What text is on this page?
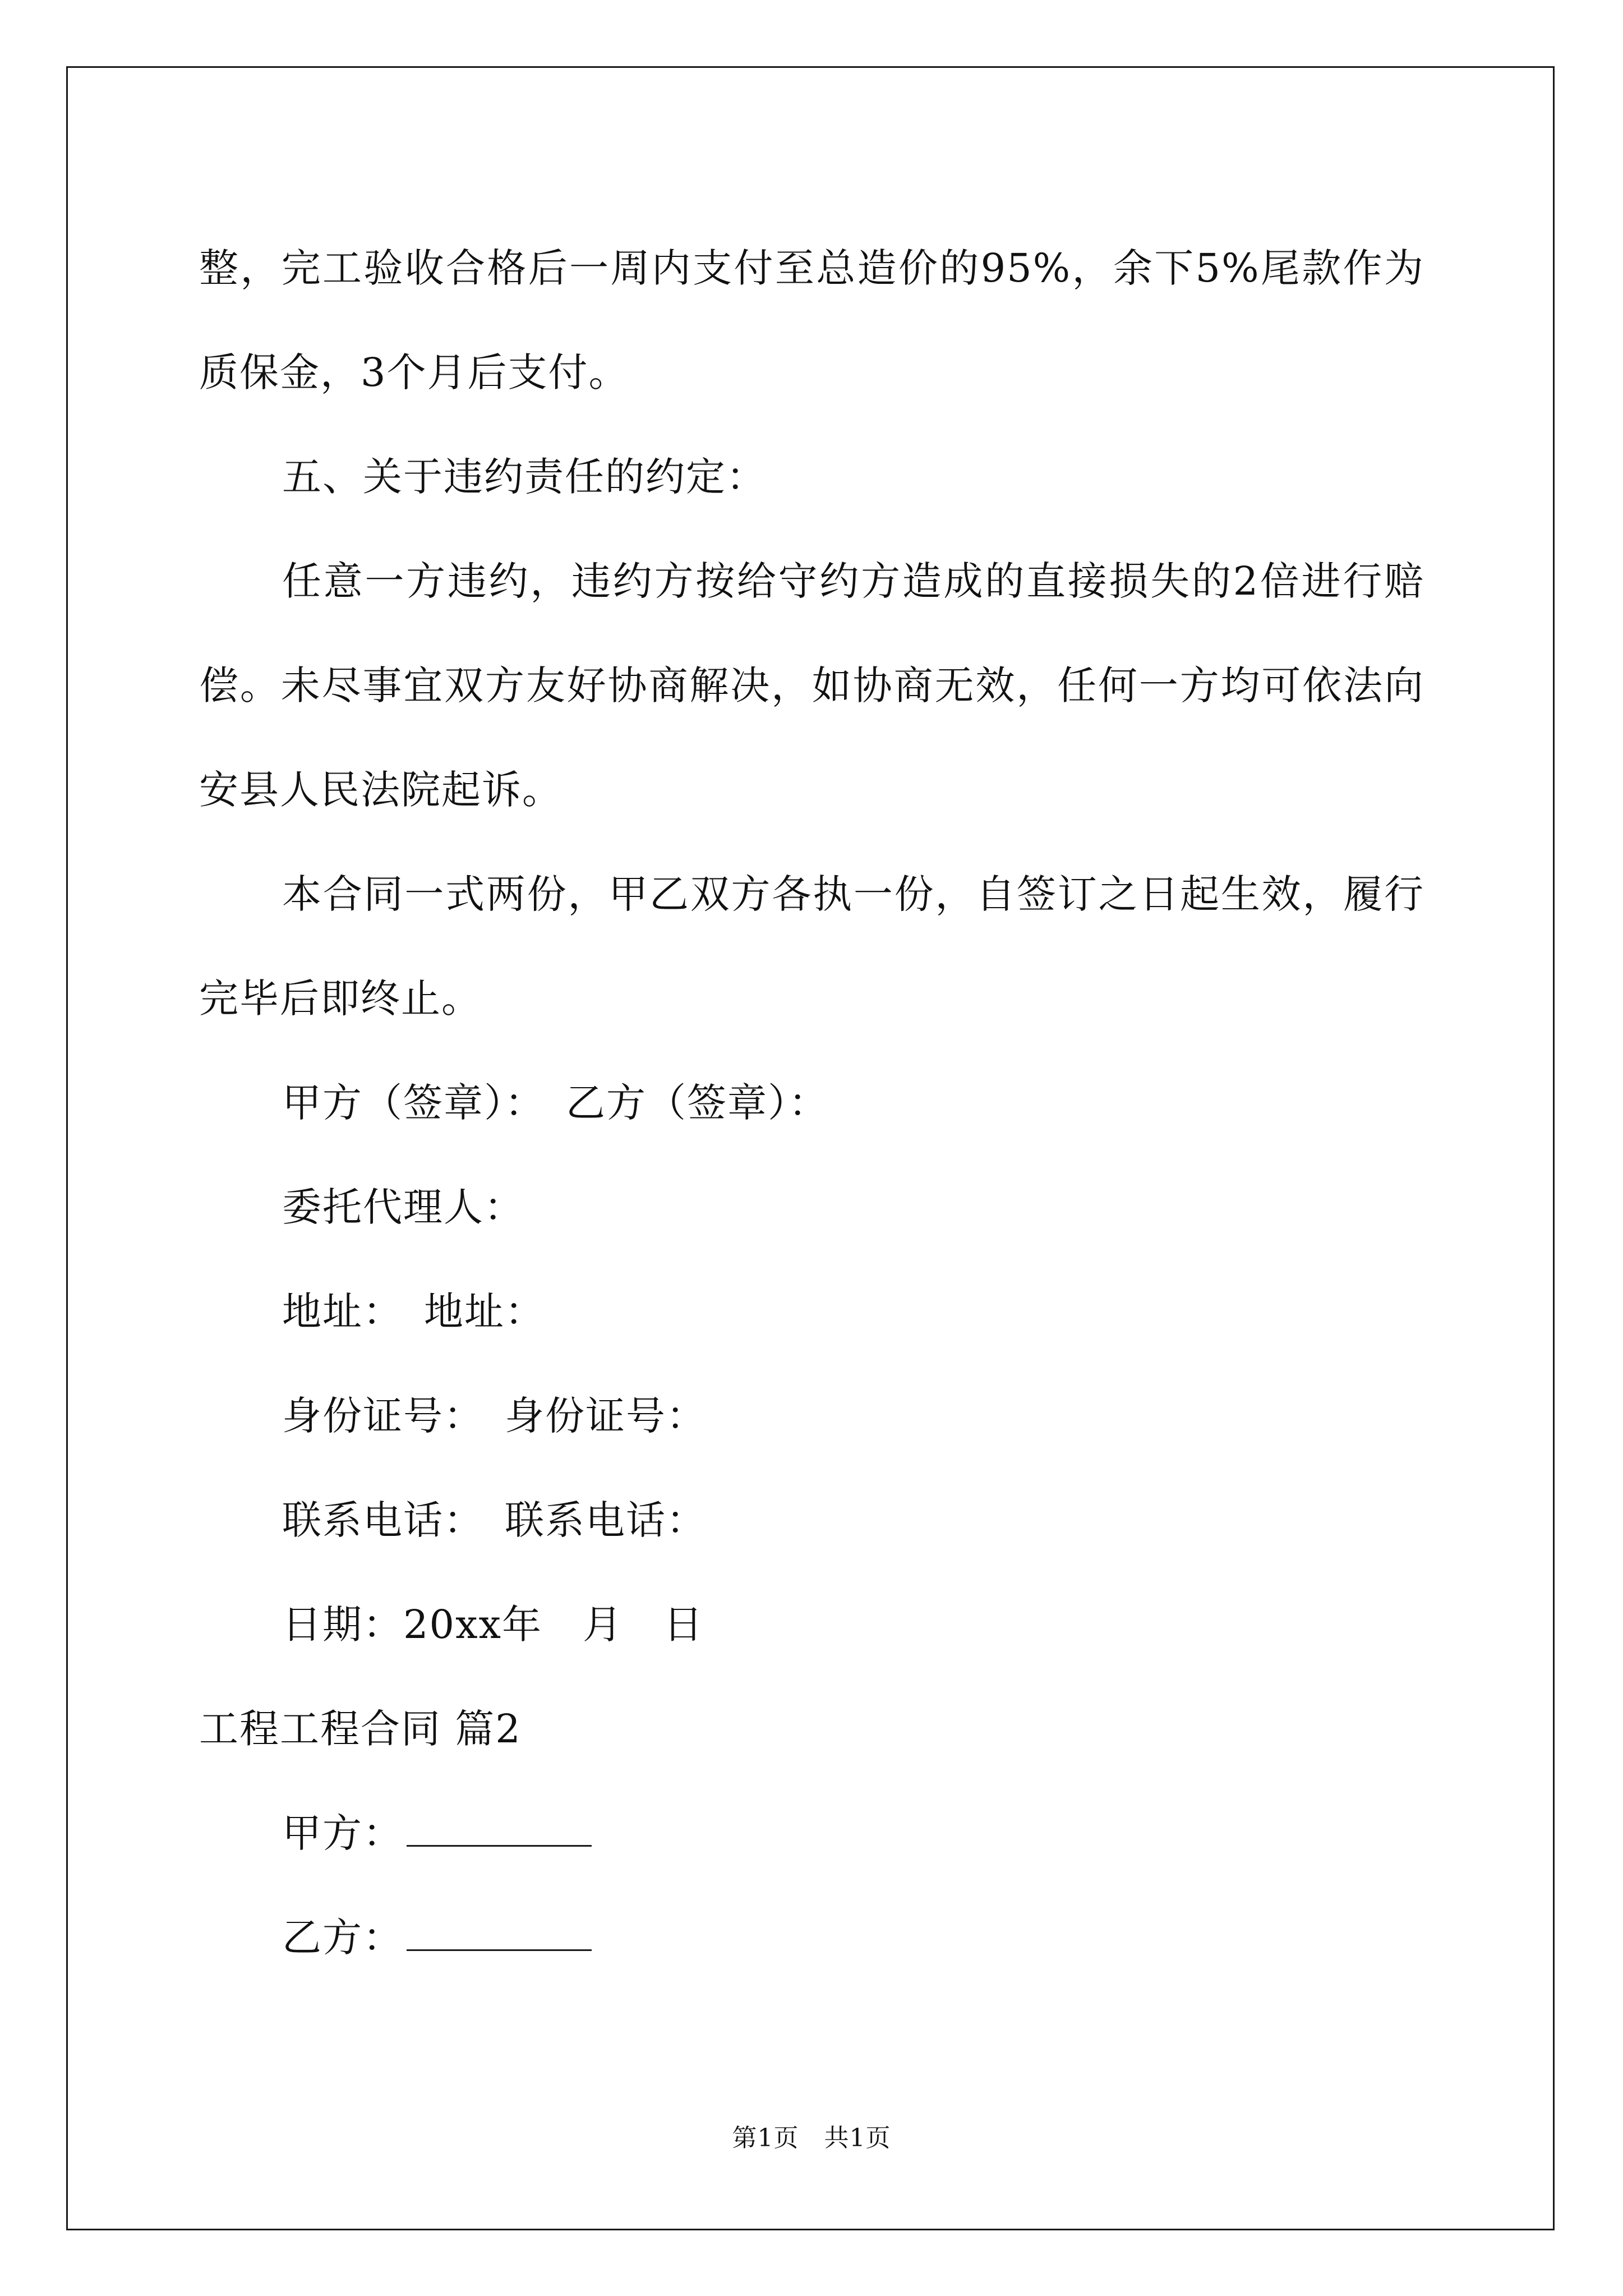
整，完工验收合格后一周内支付至总造价的95%，余下5%尾款作为质保金，3个月后支付。

五、关于违约责任的约定：

任意一方违约，违约方按给守约方造成的直接损失的2倍进行赔偿。未尽事宜双方友好协商解决，如协商无效，任何一方均可依法向安县人民法院起诉。

本合同一式两份，甲乙双方各执一份，自签订之日起生效，履行完毕后即终止。

甲方（签章）：　乙方（签章）：

委托代理人：

地址：　地址：

身份证号：　身份证号：

联系电话：　联系电话：

日期：20xx年　月　日

工程工程合同 篇2

甲方：

乙方：

第1页　共1页
